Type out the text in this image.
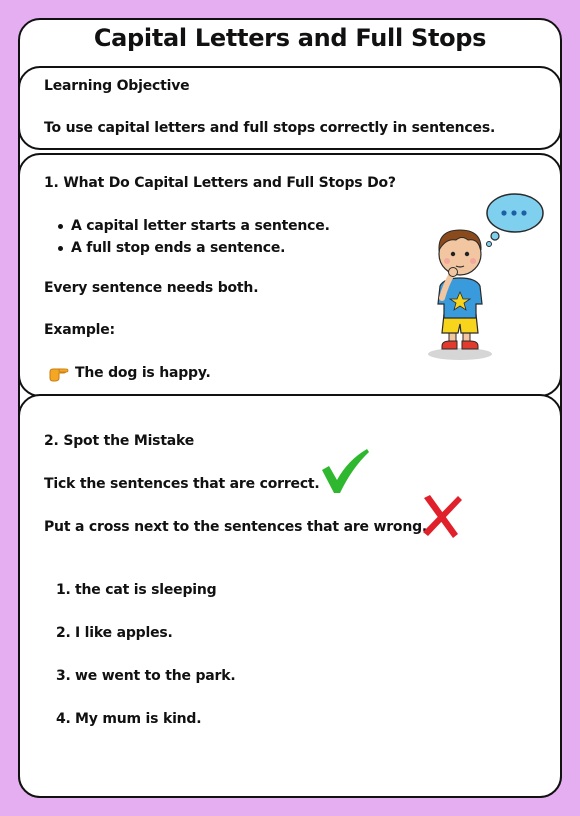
Capital Letters and Full Stops
Learning Objective
To use capital letters and full stops correctly in sentences.
1. What Do Capital Letters and Full Stops Do?
A capital letter starts a sentence.
A full stop ends a sentence.
Every sentence needs both.
Example:
The dog is happy.
2. Spot the Mistake
Tick the sentences that are correct.
Put a cross next to the sentences that are wrong.
1. the cat is sleeping
2. I like apples.
3. we went to the park.
4. My mum is kind.
